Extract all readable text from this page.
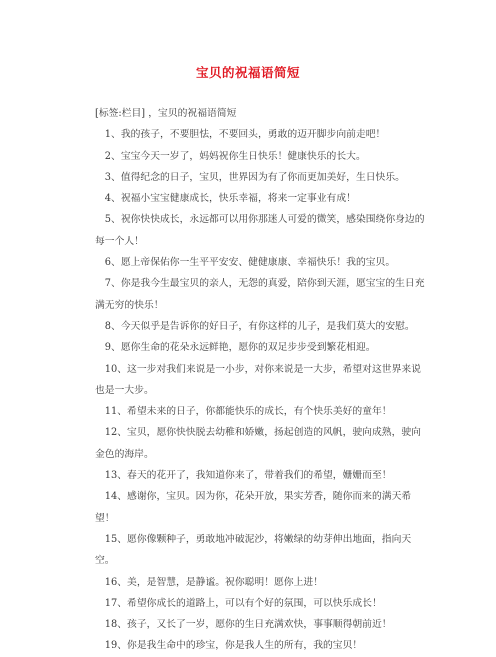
宝贝的祝福语简短

[标签:栏目] ，宝贝的祝福语简短

1、我的孩子，不要胆怯，不要回头，勇敢的迈开脚步向前走吧！

2、宝宝今天一岁了，妈妈祝你生日快乐！健康快乐的长大。

3、值得纪念的日子，宝贝，世界因为有了你而更加美好，生日快乐。

4、祝福小宝宝健康成长，快乐幸福，将来一定事业有成！

5、祝你快快成长，永远都可以用你那迷人可爱的微笑，感染围绕你身边的每一个人！

6、愿上帝保佑你一生平平安安、健健康康、幸福快乐！我的宝贝。

7、你是我今生最宝贝的亲人，无怨的真爱，陪你到天涯，愿宝宝的生日充满无穷的快乐！

8、今天似乎是告诉你的好日子，有你这样的儿子，是我们莫大的安慰。

9、愿你生命的花朵永远鲜艳，愿你的双足步步受到繁花相迎。

10、这一步对我们来说是一小步，对你来说是一大步，希望对这世界来说也是一大步。

11、希望未来的日子，你都能快乐的成长，有个快乐美好的童年！

12、宝贝，愿你快快脱去幼稚和娇嫩，扬起创造的风帆，驶向成熟，驶向金色的海岸。

13、春天的花开了，我知道你来了，带着我们的希望，姗姗而至！

14、感谢你，宝贝。因为你，花朵开放，果实芳香，随你而来的满天希望！

15、愿你像颗种子，勇敢地冲破泥沙，将嫩绿的幼芽伸出地面，指向天空。

16、美，是智慧，是静谧。祝你聪明！愿你上进！

17、希望你成长的道路上，可以有个好的氛围，可以快乐成长！

18、孩子，又长了一岁，愿你的生日充满欢快，事事顺得朝前近！

19、你是我生命中的珍宝，你是我人生的所有，我的宝贝！
